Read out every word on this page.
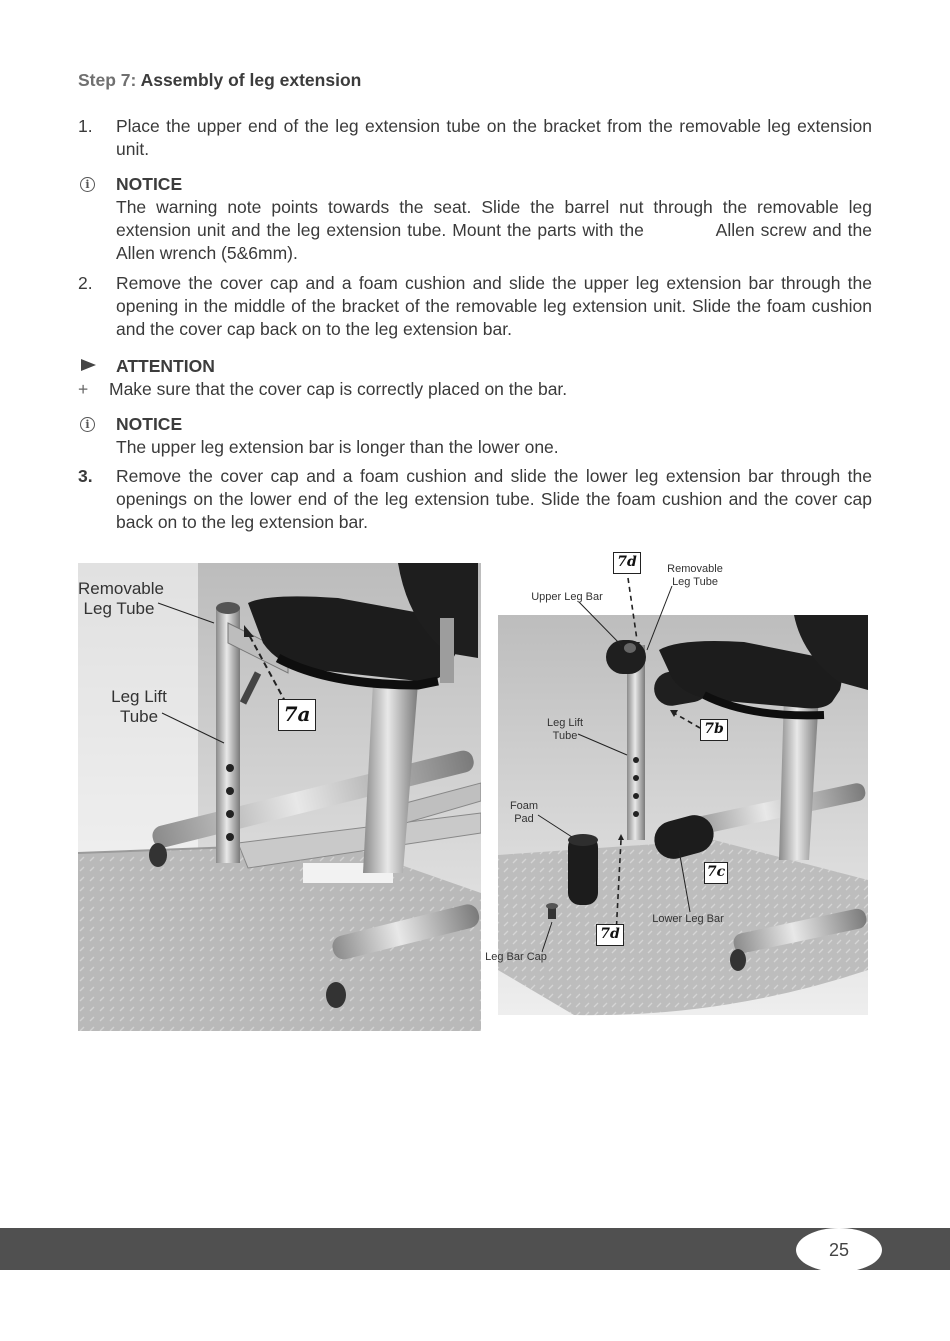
Step 7: Assembly of leg extension
1.	Place the upper end of the leg extension tube on the bracket from the removable leg extension unit.
i	NOTICE
The warning note points towards the seat. Slide the barrel nut through the removable leg extension unit and the leg extension tube. Mount the parts with the            Allen screw and the Allen wrench (5&6mm).
2.	Remove the cover cap and a foam cushion and slide the upper leg extension bar through the opening in the middle of the bracket of the removable leg extension unit. Slide the foam cushion and the cover cap back on to the leg extension bar.
ATTENTION
+	Make sure that the cover cap is correctly placed on the bar.
i	NOTICE
The upper leg extension bar is longer than the lower one.
3.	Remove the cover cap and a foam cushion and slide the lower leg extension bar through the openings on the lower end of the leg extension tube. Slide the foam cushion and the cover cap back on to the leg extension bar.
Removable
Leg Tube
Leg Lift
Tube	7a
7d	Removable
Leg Tube
Upper Leg Bar
Leg Lift
Tube	7b
Foam
Pad
7c
Lower Leg Bar
7d
Leg Bar Cap
25
